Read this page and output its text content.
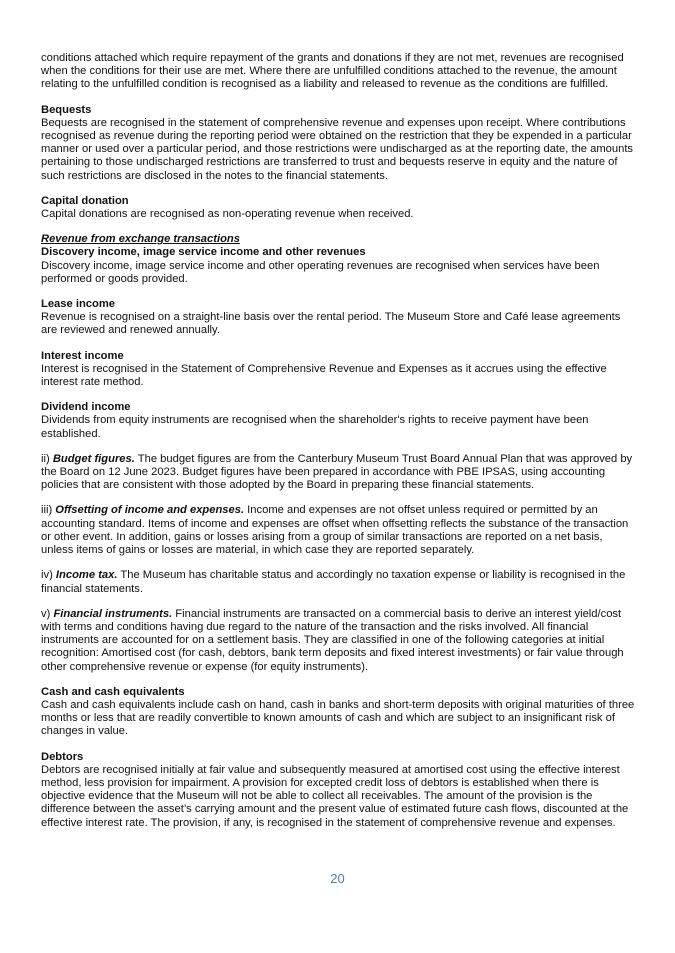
conditions attached which require repayment of the grants and donations if they are not met, revenues are recognised when the conditions for their use are met. Where there are unfulfilled conditions attached to the revenue, the amount relating to the unfulfilled condition is recognised as a liability and released to revenue as the conditions are fulfilled.

Bequests

Bequests are recognised in the statement of comprehensive revenue and expenses upon receipt. Where contributions recognised as revenue during the reporting period were obtained on the restriction that they be expended in a particular manner or used over a particular period, and those restrictions were undischarged as at the reporting date, the amounts pertaining to those undischarged restrictions are transferred to trust and bequests reserve in equity and the nature of such restrictions are disclosed in the notes to the financial statements.

Capital donation

Capital donations are recognised as non-operating revenue when received.

Revenue from exchange transactions

Discovery income, image service income and other revenues

Discovery income, image service income and other operating revenues are recognised when services have been performed or goods provided.

Lease income

Revenue is recognised on a straight-line basis over the rental period. The Museum Store and Café lease agreements are reviewed and renewed annually.

Interest income

Interest is recognised in the Statement of Comprehensive Revenue and Expenses as it accrues using the effective interest rate method.

Dividend income

Dividends from equity instruments are recognised when the shareholder's rights to receive payment have been established.

ii) Budget figures. The budget figures are from the Canterbury Museum Trust Board Annual Plan that was approved by the Board on 12 June 2023. Budget figures have been prepared in accordance with PBE IPSAS, using accounting policies that are consistent with those adopted by the Board in preparing these financial statements.

iii) Offsetting of income and expenses. Income and expenses are not offset unless required or permitted by an accounting standard. Items of income and expenses are offset when offsetting reflects the substance of the transaction or other event. In addition, gains or losses arising from a group of similar transactions are reported on a net basis, unless items of gains or losses are material, in which case they are reported separately.

iv) Income tax. The Museum has charitable status and accordingly no taxation expense or liability is recognised in the financial statements.

v) Financial instruments. Financial instruments are transacted on a commercial basis to derive an interest yield/cost with terms and conditions having due regard to the nature of the transaction and the risks involved. All financial instruments are accounted for on a settlement basis. They are classified in one of the following categories at initial recognition: Amortised cost (for cash, debtors, bank term deposits and fixed interest investments) or fair value through other comprehensive revenue or expense (for equity instruments).

Cash and cash equivalents

Cash and cash equivalents include cash on hand, cash in banks and short-term deposits with original maturities of three months or less that are readily convertible to known amounts of cash and which are subject to an insignificant risk of changes in value.

Debtors

Debtors are recognised initially at fair value and subsequently measured at amortised cost using the effective interest method, less provision for impairment. A provision for excepted credit loss of debtors is established when there is objective evidence that the Museum will not be able to collect all receivables. The amount of the provision is the difference between the asset’s carrying amount and the present value of estimated future cash flows, discounted at the effective interest rate. The provision, if any, is recognised in the statement of comprehensive revenue and expenses.

20
